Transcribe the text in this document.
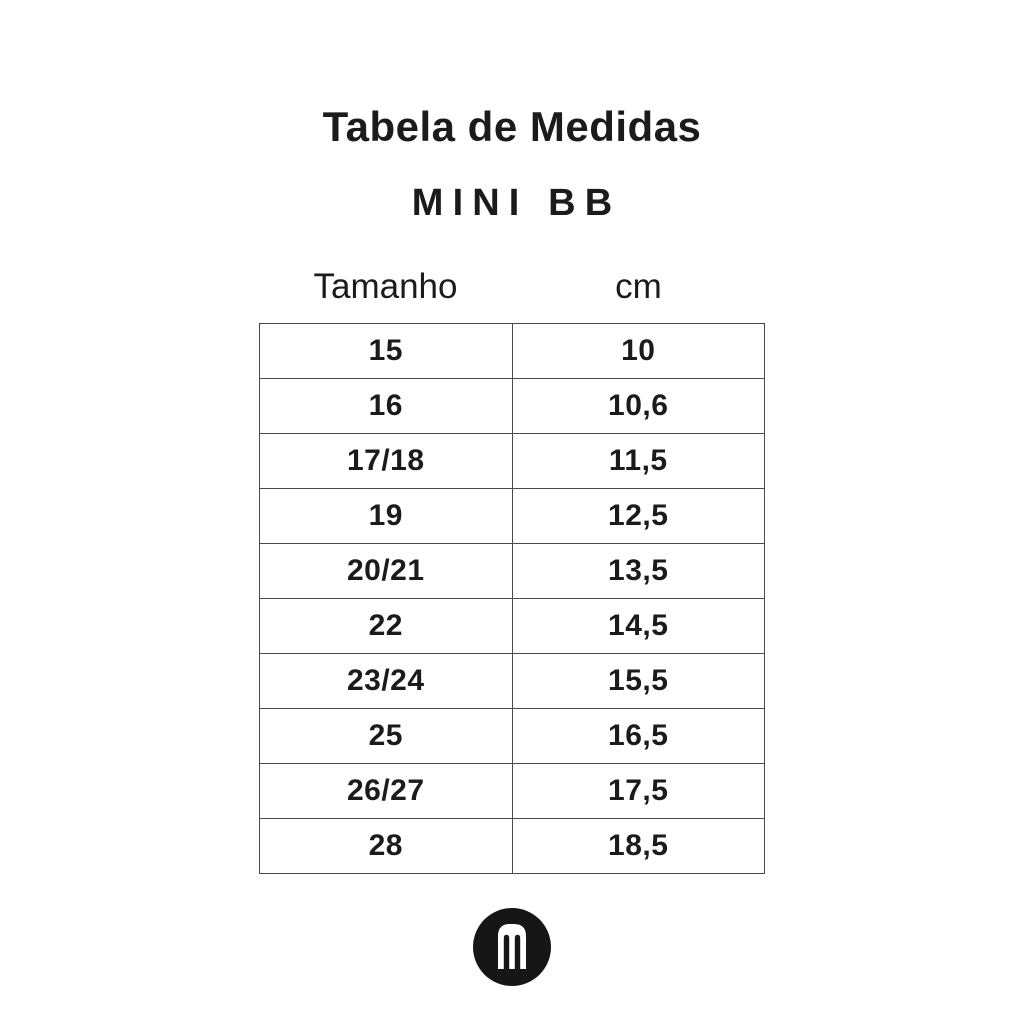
Tabela de Medidas
MINI BB
Tamanho	cm
15	10
16	10,6
17/18	11,5
19	12,5
20/21	13,5
22	14,5
23/24	15,5
25	16,5
26/27	17,5
28	18,5
